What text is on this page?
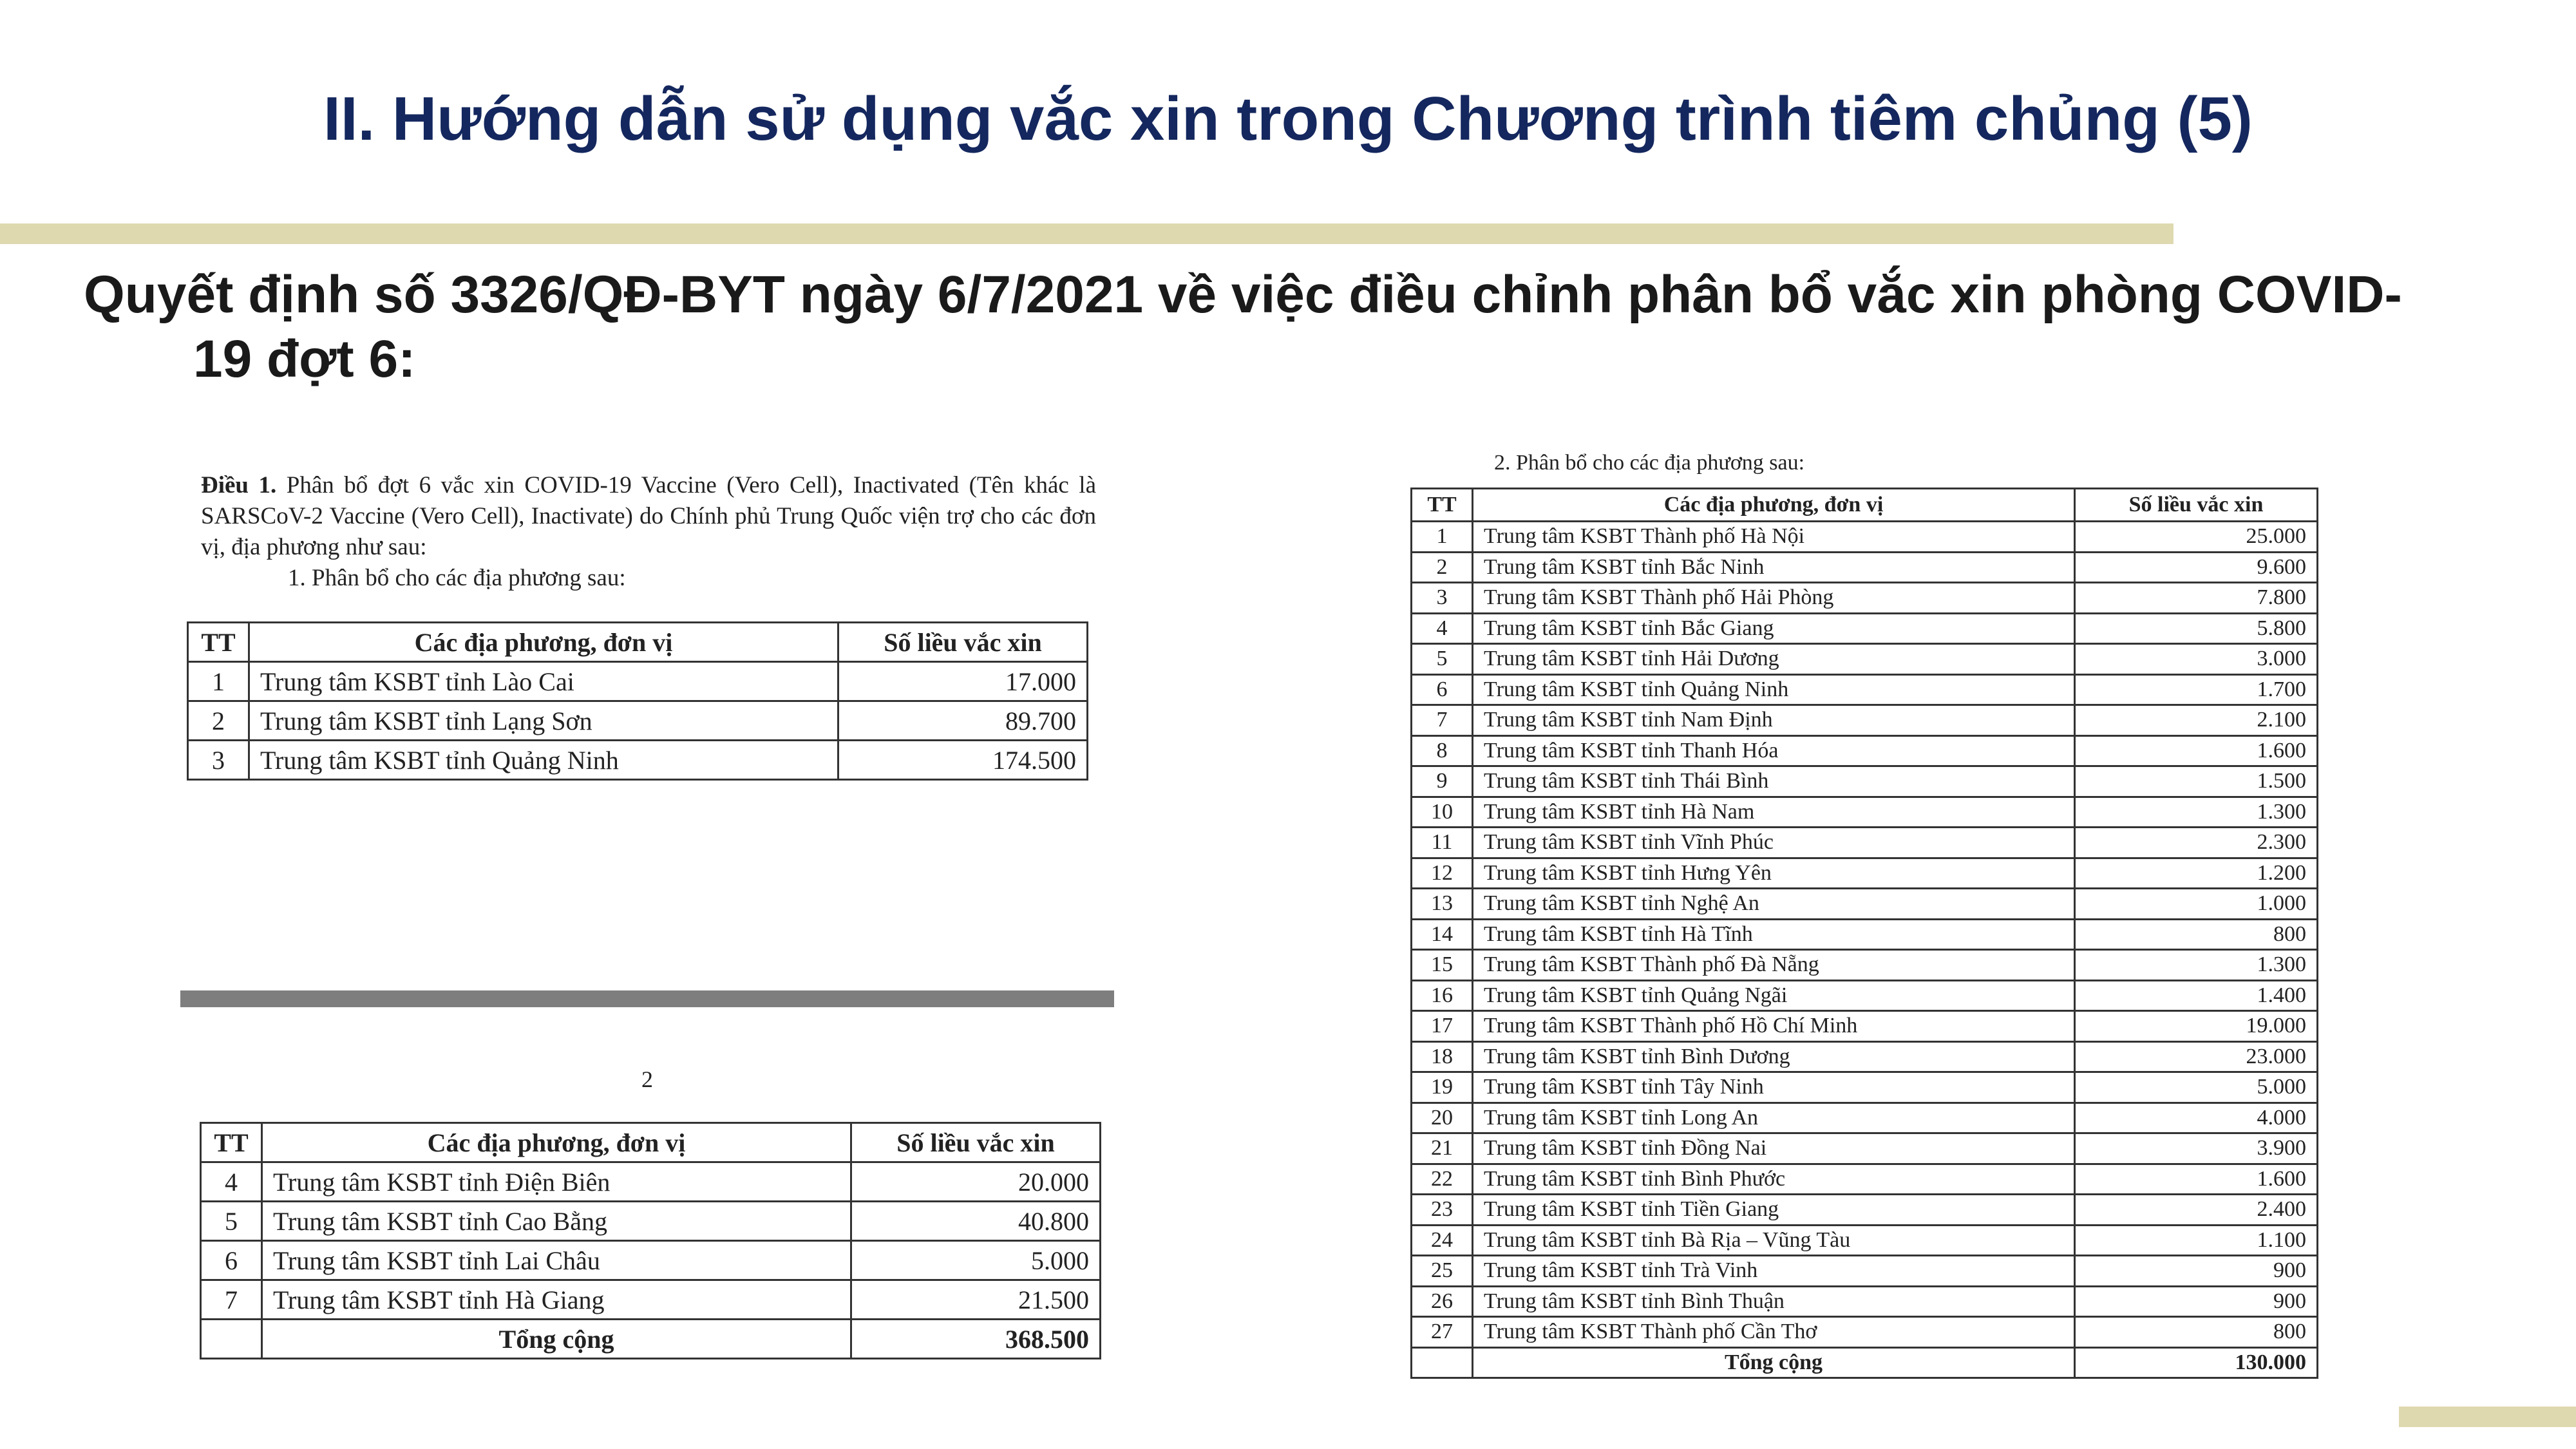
II. Hướng dẫn sử dụng vắc xin trong Chương trình tiêm chủng (5)
Quyết định số 3326/QĐ-BYT ngày 6/7/2021 về việc điều chỉnh phân bổ vắc xin phòng COVID-19 đợt 6:

Điều 1. Phân bổ đợt 6 vắc xin COVID-19 Vaccine (Vero Cell), Inactivated (Tên khác là SARSCoV-2 Vaccine (Vero Cell), Inactivate) do Chính phủ Trung Quốc viện trợ cho các đơn vị, địa phương như sau:

1. Phân bổ cho các địa phương sau:

TT	Các địa phương, đơn vị	Số liều vắc xin
1	Trung tâm KSBT tỉnh Lào Cai	17.000
2	Trung tâm KSBT tỉnh Lạng Sơn	89.700
3	Trung tâm KSBT tỉnh Quảng Ninh	174.500

2

TT	Các địa phương, đơn vị	Số liều vắc xin
4	Trung tâm KSBT tỉnh Điện Biên	20.000
5	Trung tâm KSBT tỉnh Cao Bằng	40.800
6	Trung tâm KSBT tỉnh Lai Châu	5.000
7	Trung tâm KSBT tỉnh Hà Giang	21.500
	Tổng cộng	368.500

2. Phân bổ cho các địa phương sau:

TT	Các địa phương, đơn vị	Số liều vắc xin
1	Trung tâm KSBT Thành phố Hà Nội	25.000
2	Trung tâm KSBT tỉnh Bắc Ninh	9.600
3	Trung tâm KSBT Thành phố Hải Phòng	7.800
4	Trung tâm KSBT tỉnh Bắc Giang	5.800
5	Trung tâm KSBT tỉnh Hải Dương	3.000
6	Trung tâm KSBT tỉnh Quảng Ninh	1.700
7	Trung tâm KSBT tỉnh Nam Định	2.100
8	Trung tâm KSBT tỉnh Thanh Hóa	1.600
9	Trung tâm KSBT tỉnh Thái Bình	1.500
10	Trung tâm KSBT tỉnh Hà Nam	1.300
11	Trung tâm KSBT tỉnh Vĩnh Phúc	2.300
12	Trung tâm KSBT tỉnh Hưng Yên	1.200
13	Trung tâm KSBT tỉnh Nghệ An	1.000
14	Trung tâm KSBT tỉnh Hà Tĩnh	800
15	Trung tâm KSBT Thành phố Đà Nẵng	1.300
16	Trung tâm KSBT tỉnh Quảng Ngãi	1.400
17	Trung tâm KSBT Thành phố Hồ Chí Minh	19.000
18	Trung tâm KSBT tỉnh Bình Dương	23.000
19	Trung tâm KSBT tỉnh Tây Ninh	5.000
20	Trung tâm KSBT tỉnh Long An	4.000
21	Trung tâm KSBT tỉnh Đồng Nai	3.900
22	Trung tâm KSBT tỉnh Bình Phước	1.600
23	Trung tâm KSBT tỉnh Tiền Giang	2.400
24	Trung tâm KSBT tỉnh Bà Rịa – Vũng Tàu	1.100
25	Trung tâm KSBT tỉnh Trà Vinh	900
26	Trung tâm KSBT tỉnh Bình Thuận	900
27	Trung tâm KSBT Thành phố Cần Thơ	800
	Tổng cộng	130.000
